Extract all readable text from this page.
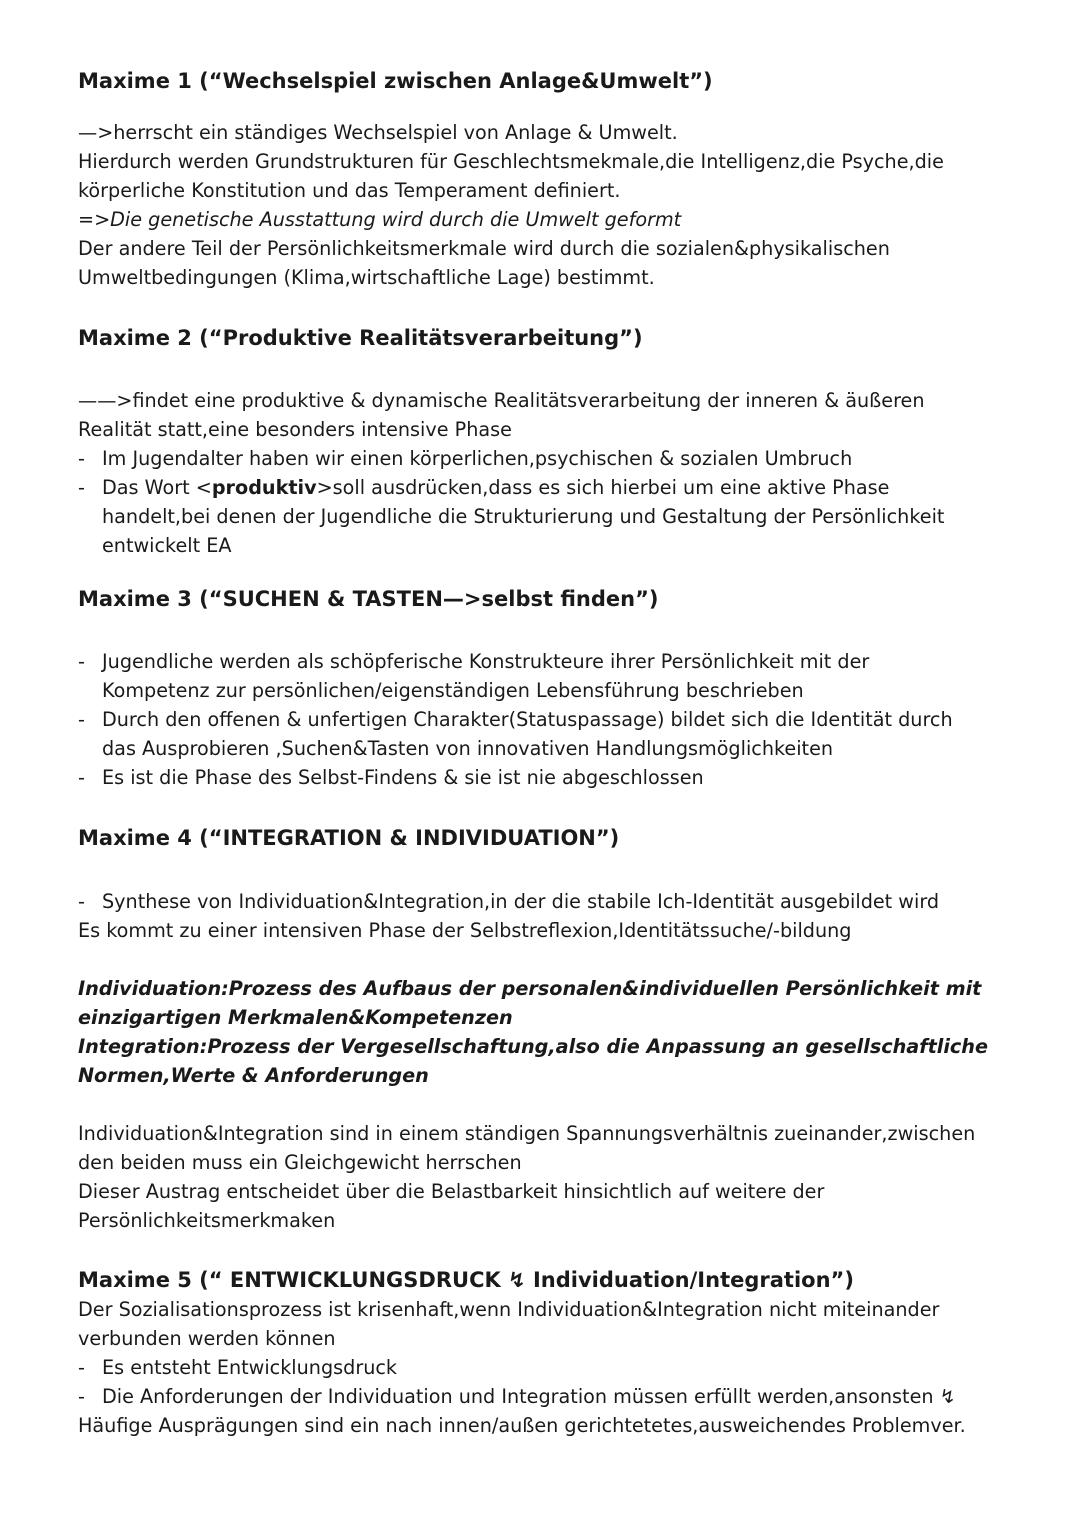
Maxime 1 (“Wechselspiel zwischen Anlage&Umwelt”)
—>herrscht ein ständiges Wechselspiel von Anlage & Umwelt.
Hierdurch werden Grundstrukturen für Geschlechtsmekmale,die Intelligenz,die Psyche,die
körperliche Konstitution und das Temperament definiert.
=>Die genetische Ausstattung wird durch die Umwelt geformt
Der andere Teil der Persönlichkeitsmerkmale wird durch die sozialen&physikalischen
Umweltbedingungen (Klima,wirtschaftliche Lage) bestimmt.
Maxime 2 (“Produktive Realitätsverarbeitung”)
——>findet eine produktive & dynamische Realitätsverarbeitung der inneren & äußeren
Realität statt,eine besonders intensive Phase
- Im Jugendalter haben wir einen körperlichen,psychischen & sozialen Umbruch
- Das Wort <produktiv>soll ausdrücken,dass es sich hierbei um eine aktive Phase
handelt,bei denen der Jugendliche die Strukturierung und Gestaltung der Persönlichkeit
entwickelt EA
Maxime 3 (“SUCHEN & TASTEN—>selbst finden”)
- Jugendliche werden als schöpferische Konstrukteure ihrer Persönlichkeit mit der
Kompetenz zur persönlichen/eigenständigen Lebensführung beschrieben
- Durch den offenen & unfertigen Charakter(Statuspassage) bildet sich die Identität durch
das Ausprobieren ,Suchen&Tasten von innovativen Handlungsmöglichkeiten
- Es ist die Phase des Selbst-Findens & sie ist nie abgeschlossen
Maxime 4 (“INTEGRATION & INDIVIDUATION”)
- Synthese von Individuation&Integration,in der die stabile Ich-Identität ausgebildet wird
Es kommt zu einer intensiven Phase der Selbstreflexion,Identitätssuche/-bildung
Individuation:Prozess des Aufbaus der personalen&individuellen Persönlichkeit mit
einzigartigen Merkmalen&Kompetenzen
Integration:Prozess der Vergesellschaftung,also die Anpassung an gesellschaftliche
Normen,Werte & Anforderungen
Individuation&Integration sind in einem ständigen Spannungsverhältnis zueinander,zwischen
den beiden muss ein Gleichgewicht herrschen
Dieser Austrag entscheidet über die Belastbarkeit hinsichtlich auf weitere der
Persönlichkeitsmerkmaken
Maxime 5 (“ ENTWICKLUNGSDRUCK ↯ Individuation/Integration”)
Der Sozialisationsprozess ist krisenhaft,wenn Individuation&Integration nicht miteinander
verbunden werden können
- Es entsteht Entwicklungsdruck
- Die Anforderungen der Individuation und Integration müssen erfüllt werden,ansonsten ↯
Häufige Ausprägungen sind ein nach innen/außen gerichtetetes,ausweichendes Problemver.
